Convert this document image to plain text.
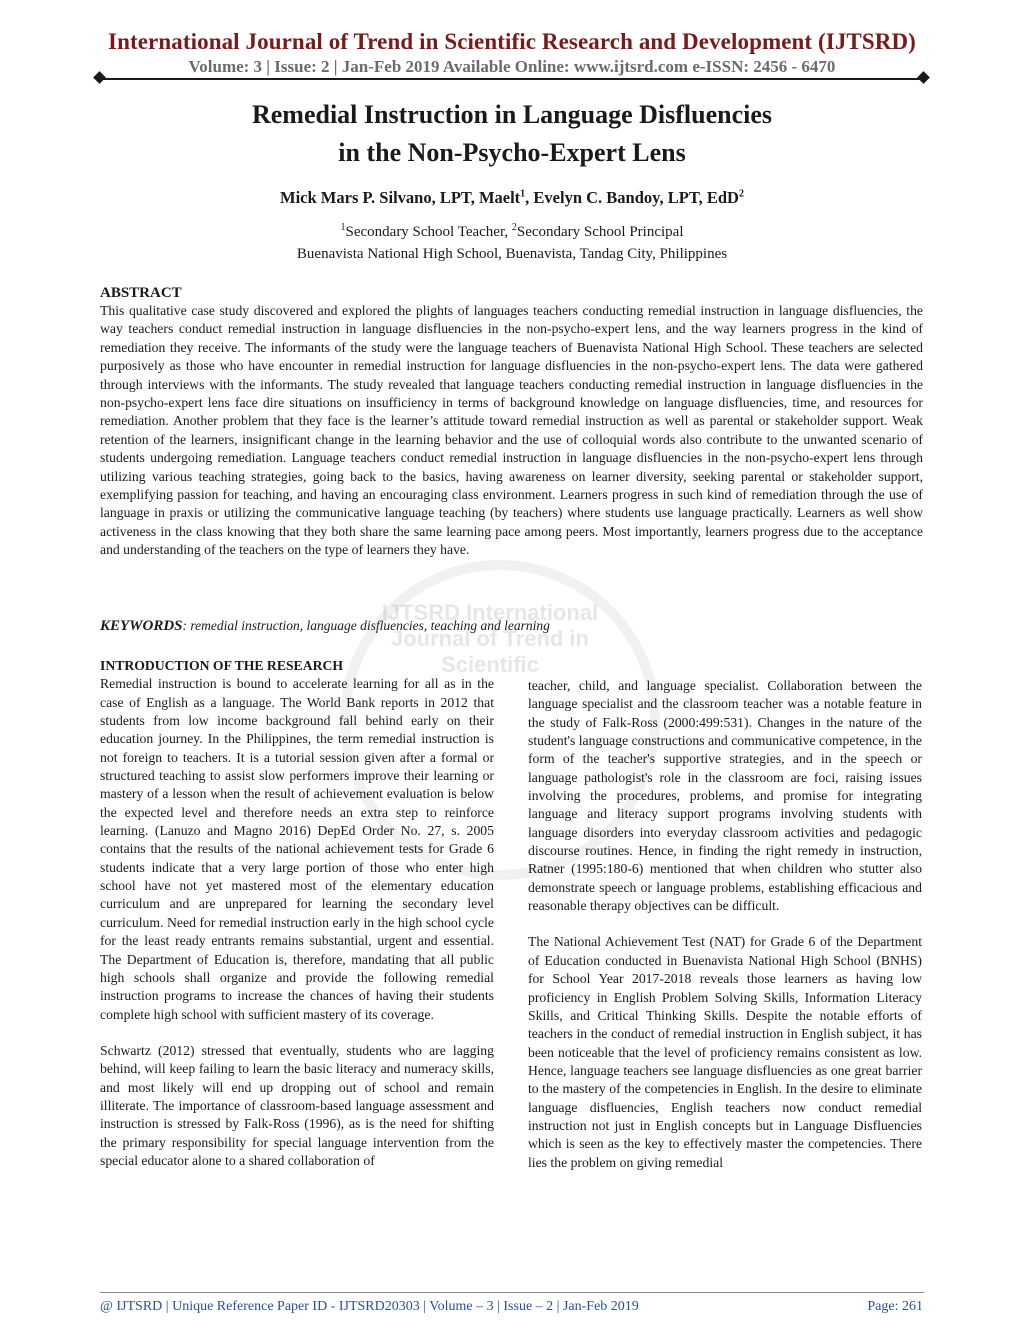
International Journal of Trend in Scientific Research and Development (IJTSRD)

Volume: 3 | Issue: 2 | Jan-Feb 2019 Available Online: www.ijtsrd.com e-ISSN: 2456 - 6470

Remedial Instruction in Language Disfluencies
in the Non-Psycho-Expert Lens
Mick Mars P. Silvano, LPT, Maelt$^1$, Evelyn C. Bandoy, LPT, EdD$^2$
$^1$Secondary School Teacher, $^2$Secondary School Principal
Buenavista National High School, Buenavista, Tandag City, Philippines

ABSTRACT

This qualitative case study discovered and explored the plights of languages teachers conducting remedial instruction in language disfluencies, the way teachers conduct remedial instruction in language disfluencies in the non-psycho-expert lens, and the way learners progress in the kind of remediation they receive. The informants of the study were the language teachers of Buenavista National High School. These teachers are selected purposively as those who have encounter in remedial instruction for language disfluencies in the non-psycho-expert lens. The data were gathered through interviews with the informants. The study revealed that language teachers conducting remedial instruction in language disfluencies in the non-psycho-expert lens face dire situations on insufficiency in terms of background knowledge on language disfluencies, time, and resources for remediation. Another problem that they face is the learner’s attitude toward remedial instruction as well as parental or stakeholder support. Weak retention of the learners, insignificant change in the learning behavior and the use of colloquial words also contribute to the unwanted scenario of students undergoing remediation. Language teachers conduct remedial instruction in language disfluencies in the non-psycho-expert lens through utilizing various teaching strategies, going back to the basics, having awareness on learner diversity, seeking parental or stakeholder support, exemplifying passion for teaching, and having an encouraging class environment. Learners progress in such kind of remediation through the use of language in praxis or utilizing the communicative language teaching (by teachers) where students use language practically. Learners as well show activeness in the class knowing that they both share the same learning pace among peers. Most importantly, learners progress due to the acceptance and understanding of the teachers on the type of learners they have.

KEYWORDS: remedial instruction, language disfluencies, teaching and learning
IJTSRD International Journal of Trend in Scientific

INTRODUCTION OF THE RESEARCH

Remedial instruction is bound to accelerate learning for all as in the case of English as a language. The World Bank reports in 2012 that students from low income background fall behind early on their education journey. In the Philippines, the term remedial instruction is not foreign to teachers. It is a tutorial session given after a formal or structured teaching to assist slow performers improve their learning or mastery of a lesson when the result of achievement evaluation is below the expected level and therefore needs an extra step to reinforce learning. (Lanuzo and Magno 2016) DepEd Order No. 27, s. 2005 contains that the results of the national achievement tests for Grade 6 students indicate that a very large portion of those who enter high school have not yet mastered most of the elementary education curriculum and are unprepared for learning the secondary level curriculum. Need for remedial instruction early in the high school cycle for the least ready entrants remains substantial, urgent and essential. The Department of Education is, therefore, mandating that all public high schools shall organize and provide the following remedial instruction programs to increase the chances of having their students complete high school with sufficient mastery of its coverage.

Schwartz (2012) stressed that eventually, students who are lagging behind, will keep failing to learn the basic literacy and numeracy skills, and most likely will end up dropping out of school and remain illiterate. The importance of classroom-based language assessment and instruction is stressed by Falk-Ross (1996), as is the need for shifting the primary responsibility for special language intervention from the special educator alone to a shared collaboration of

teacher, child, and language specialist. Collaboration between the language specialist and the classroom teacher was a notable feature in the study of Falk-Ross (2000:499:531). Changes in the nature of the student's language constructions and communicative competence, in the form of the teacher's supportive strategies, and in the speech or language pathologist's role in the classroom are foci, raising issues involving the procedures, problems, and promise for integrating language and literacy support programs involving students with language disorders into everyday classroom activities and pedagogic discourse routines. Hence, in finding the right remedy in instruction, Ratner (1995:180-6) mentioned that when children who stutter also demonstrate speech or language problems, establishing efficacious and reasonable therapy objectives can be difficult.

The National Achievement Test (NAT) for Grade 6 of the Department of Education conducted in Buenavista National High School (BNHS) for School Year 2017-2018 reveals those learners as having low proficiency in English Problem Solving Skills, Information Literacy Skills, and Critical Thinking Skills. Despite the notable efforts of teachers in the conduct of remedial instruction in English subject, it has been noticeable that the level of proficiency remains consistent as low. Hence, language teachers see language disfluencies as one great barrier to the mastery of the competencies in English. In the desire to eliminate language disfluencies, English teachers now conduct remedial instruction not just in English concepts but in Language Disfluencies which is seen as the key to effectively master the competencies. There lies the problem on giving remedial

@ IJTSRD | Unique Reference Paper ID - IJTSRD20303 | Volume – 3 | Issue – 2 | Jan-Feb 2019	Page: 261
